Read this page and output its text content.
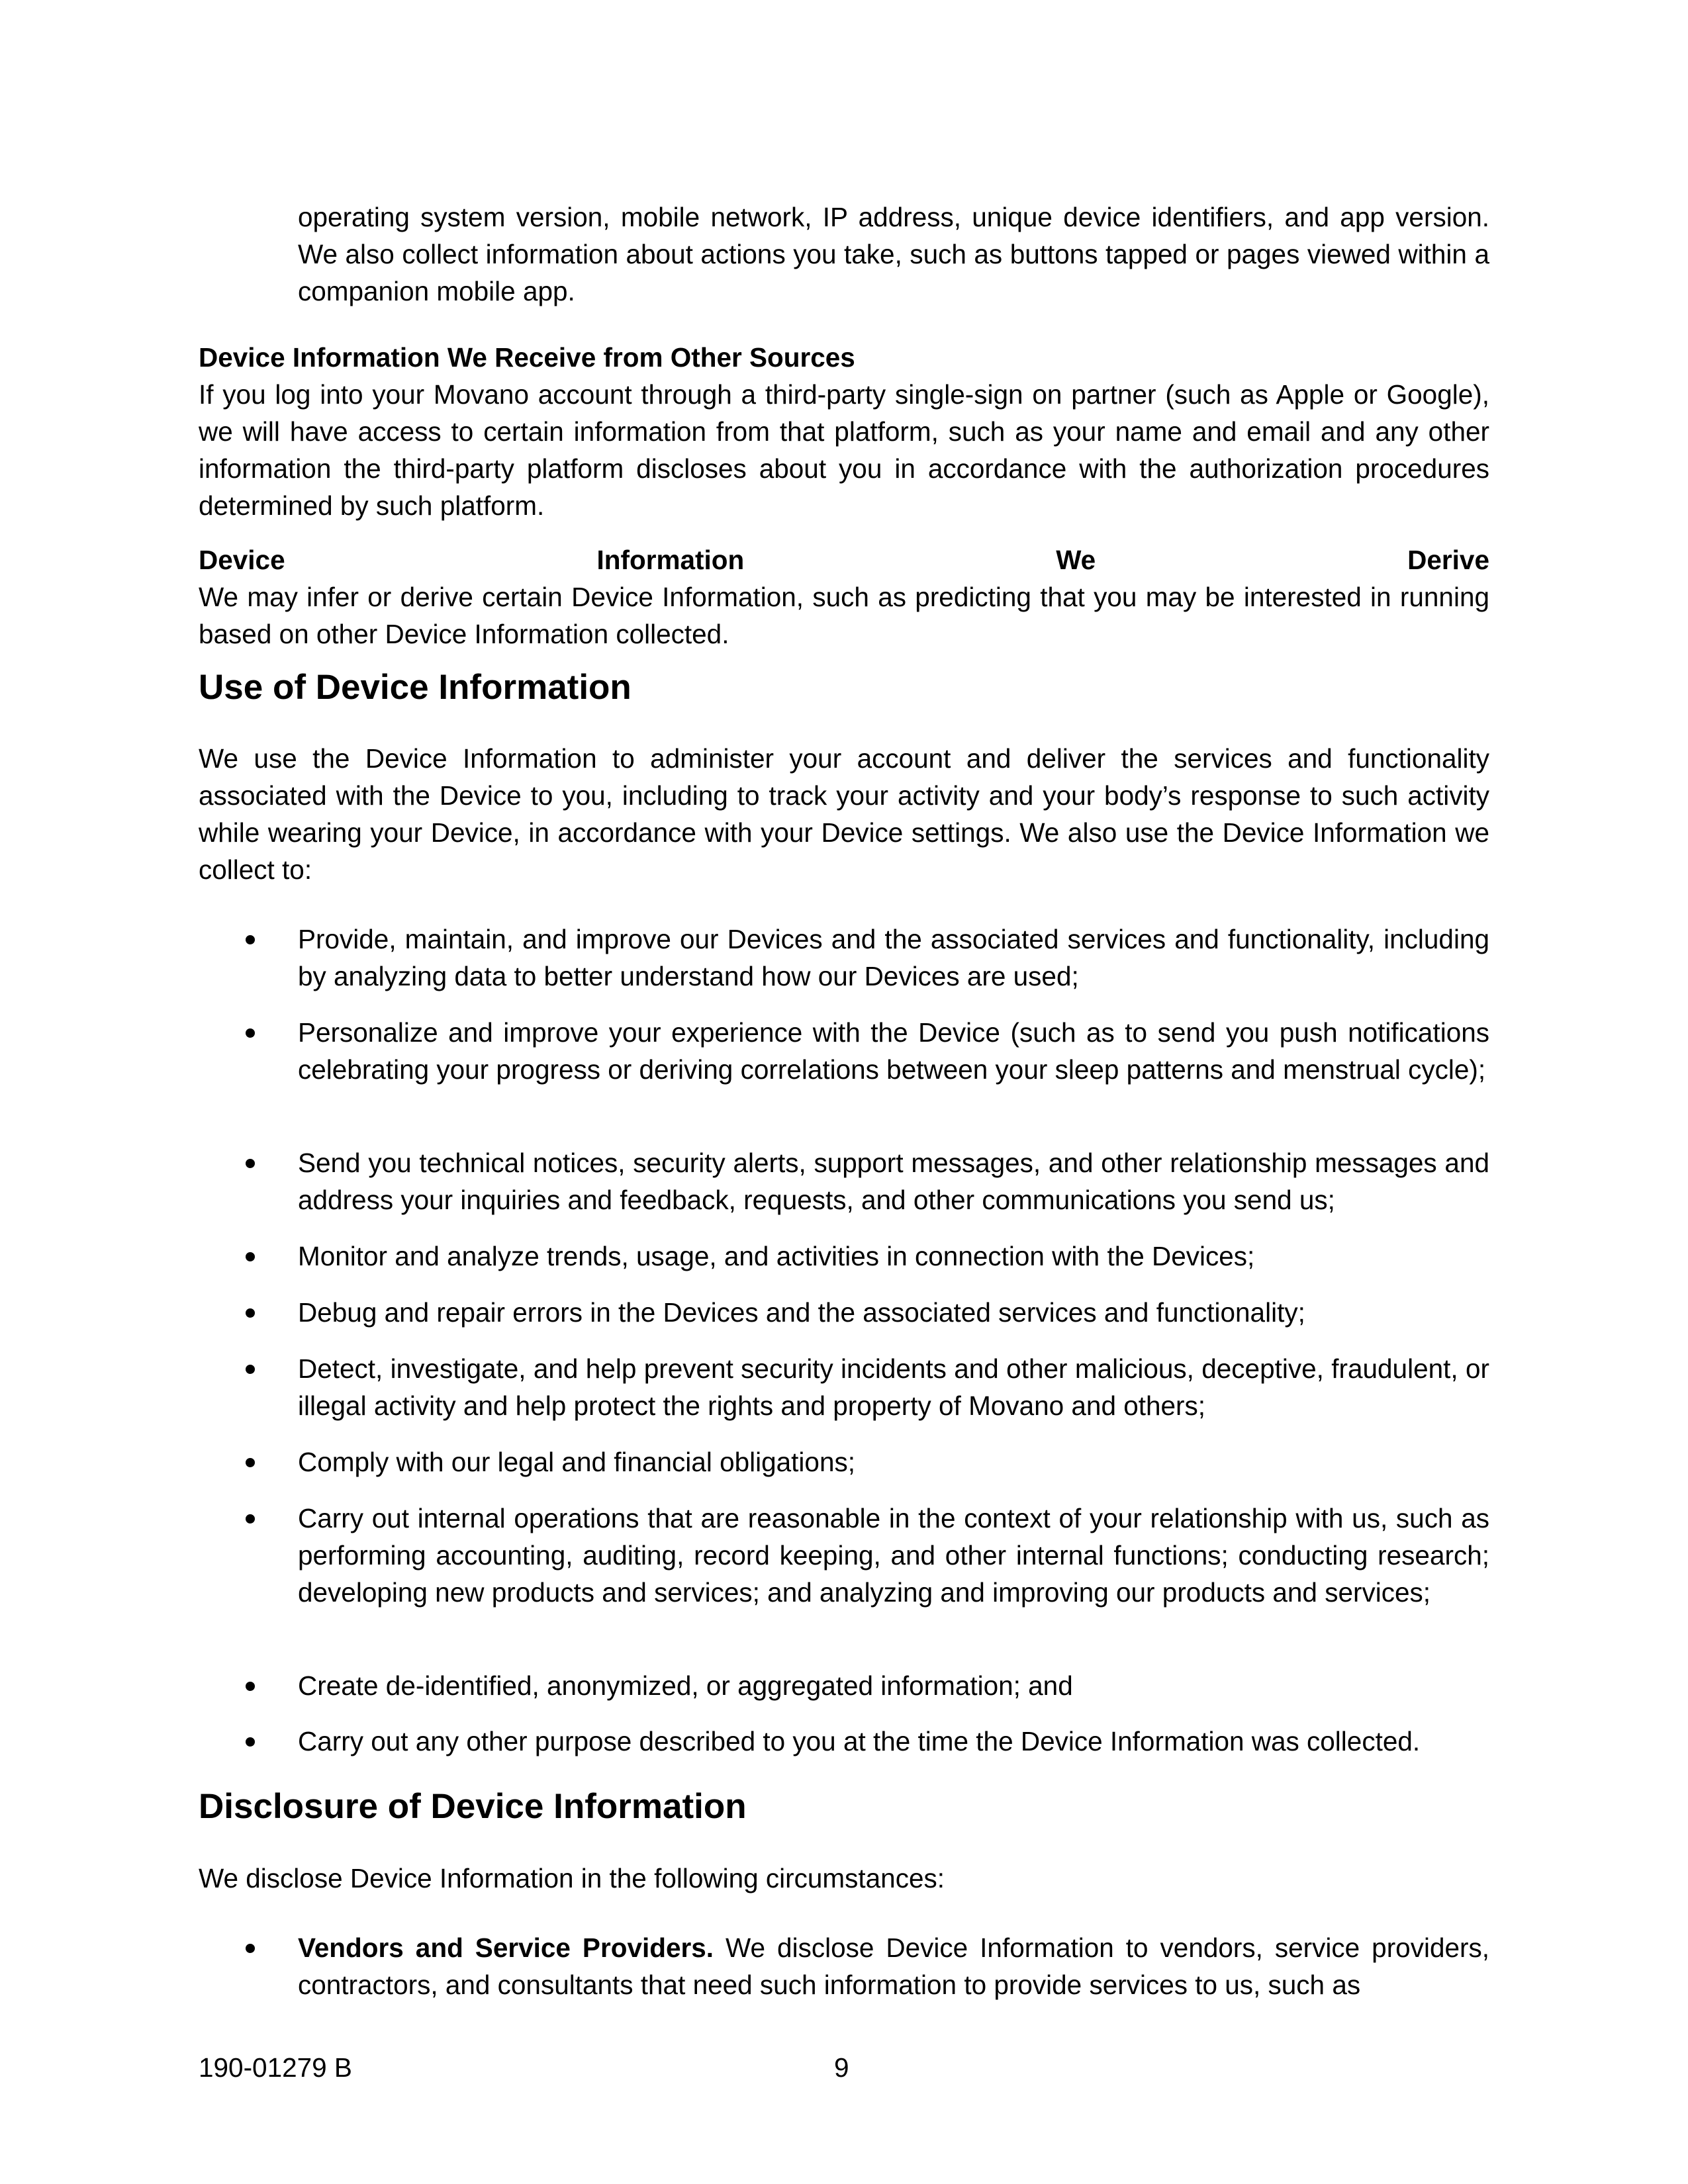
operating system version, mobile network, IP address, unique device identifiers, and app version. We also collect information about actions you take, such as buttons tapped or pages viewed within a companion mobile app.

Device Information We Receive from Other Sources

If you log into your Movano account through a third-party single-sign on partner (such as Apple or Google), we will have access to certain information from that platform, such as your name and email and any other information the third-party platform discloses about you in accordance with the authorization procedures determined by such platform.

Device	Information	We	Derive

We may infer or derive certain Device Information, such as predicting that you may be interested in running based on other Device Information collected.

Use of Device Information

We use the Device Information to administer your account and deliver the services and functionality associated with the Device to you, including to track your activity and your body’s response to such activity while wearing your Device, in accordance with your Device settings. We also use the Device Information we collect to:

Provide, maintain, and improve our Devices and the associated services and functionality, including by analyzing data to better understand how our Devices are used;
Personalize and improve your experience with the Device (such as to send you push notifications celebrating your progress or deriving correlations between your sleep patterns and menstrual cycle);
Send you technical notices, security alerts, support messages, and other relationship messages and address your inquiries and feedback, requests, and other communications you send us;
Monitor and analyze trends, usage, and activities in connection with the Devices;
Debug and repair errors in the Devices and the associated services and functionality;
Detect, investigate, and help prevent security incidents and other malicious, deceptive, fraudulent, or illegal activity and help protect the rights and property of Movano and others;
Comply with our legal and financial obligations;
Carry out internal operations that are reasonable in the context of your relationship with us, such as performing accounting, auditing, record keeping, and other internal functions; conducting research; developing new products and services; and analyzing and improving our products and services;
Create de-identified, anonymized, or aggregated information; and
Carry out any other purpose described to you at the time the Device Information was collected.
Disclosure of Device Information

We disclose Device Information in the following circumstances:

Vendors and Service Providers. We disclose Device Information to vendors, service providers, contractors, and consultants that need such information to provide services to us, such as
190-01279 B	9
